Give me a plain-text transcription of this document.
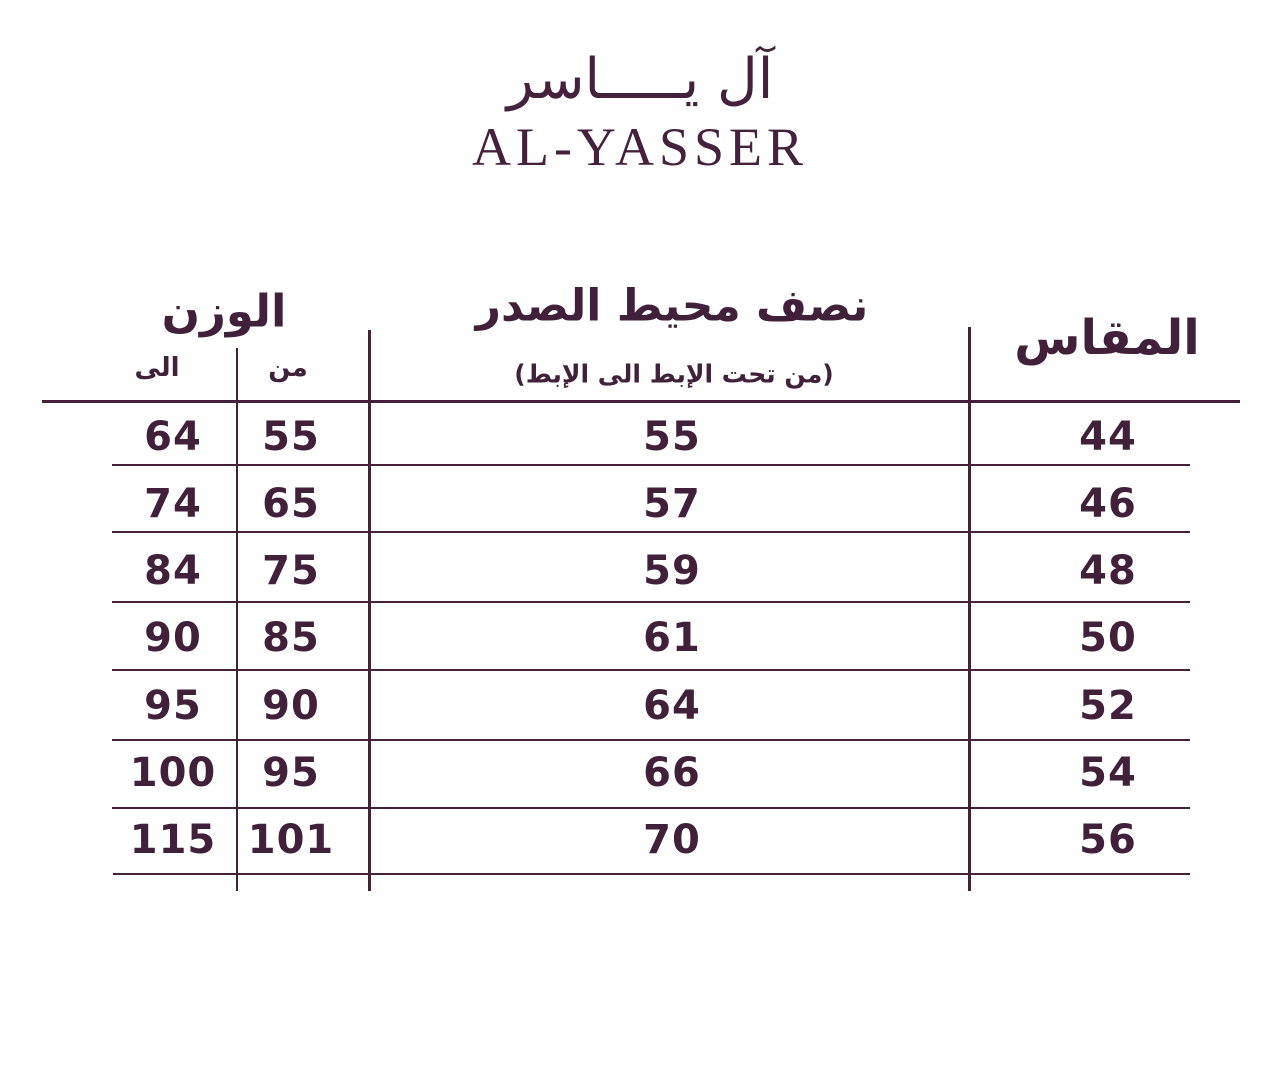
آل يـــــاسر
AL-YASSER
الوزن
الى	من
نصف محيط الصدر
(من تحت الإبط الى الإبط)
المقاس
64
74
84
90
95
100
115
55
65
75
85
90
95
101
55
57
59
61
64
66
70
44
46
48
50
52
54
56
